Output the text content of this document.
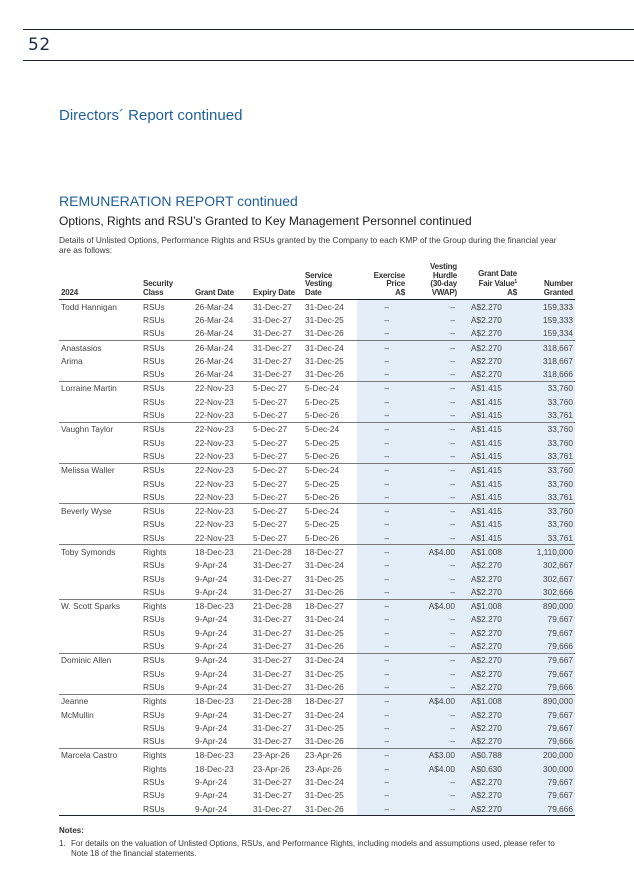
52
Directors´ Report continued
REMUNERATION REPORT continued
Options, Rights and RSU’s Granted to Key Management Personnel continued
Details of Unlisted Options, Performance Rights and RSUs granted by the Company to each KMP of the Group during the financial year are as follows:
2024	Security
Class	Grant Date	Expiry Date	Service
Vesting
Date	Exercise
Price
A$	Vesting
Hurdle
(30-day
VWAP)	Grant Date
Fair Value$^1$
A$	Number
Granted
Todd Hannigan	RSUs	26-Mar-24	31-Dec-27	31-Dec-24	–	–	A$2.270	159,333
	RSUs	26-Mar-24	31-Dec-27	31-Dec-25	–	–	A$2.270	159,333
	RSUs	26-Mar-24	31-Dec-27	31-Dec-26	–	–	A$2.270	159,334
Anastasios	RSUs	26-Mar-24	31-Dec-27	31-Dec-24	–	–	A$2.270	318,667
Arima	RSUs	26-Mar-24	31-Dec-27	31-Dec-25	–	–	A$2.270	318,667
	RSUs	26-Mar-24	31-Dec-27	31-Dec-26	–	–	A$2.270	318,666
Lorraine Martin	RSUs	22-Nov-23	5-Dec-27	5-Dec-24	–	–	A$1.415	33,760
	RSUs	22-Nov-23	5-Dec-27	5-Dec-25	–	–	A$1.415	33,760
	RSUs	22-Nov-23	5-Dec-27	5-Dec-26	–	–	A$1.415	33,761
Vaughn Taylor	RSUs	22-Nov-23	5-Dec-27	5-Dec-24	–	–	A$1.415	33,760
	RSUs	22-Nov-23	5-Dec-27	5-Dec-25	–	–	A$1.415	33,760
	RSUs	22-Nov-23	5-Dec-27	5-Dec-26	–	–	A$1.415	33,761
Melissa Waller	RSUs	22-Nov-23	5-Dec-27	5-Dec-24	–	–	A$1.415	33,760
	RSUs	22-Nov-23	5-Dec-27	5-Dec-25	–	–	A$1.415	33,760
	RSUs	22-Nov-23	5-Dec-27	5-Dec-26	–	–	A$1.415	33,761
Beverly Wyse	RSUs	22-Nov-23	5-Dec-27	5-Dec-24	–	–	A$1.415	33,760
	RSUs	22-Nov-23	5-Dec-27	5-Dec-25	–	–	A$1.415	33,760
	RSUs	22-Nov-23	5-Dec-27	5-Dec-26	–	–	A$1.415	33,761
Toby Symonds	Rights	18-Dec-23	21-Dec-28	18-Dec-27	–	A$4.00	A$1.008	1,110,000
	RSUs	9-Apr-24	31-Dec-27	31-Dec-24	–	–	A$2.270	302,667
	RSUs	9-Apr-24	31-Dec-27	31-Dec-25	–	–	A$2.270	302,667
	RSUs	9-Apr-24	31-Dec-27	31-Dec-26	–	–	A$2.270	302,666
W. Scott Sparks	Rights	18-Dec-23	21-Dec-28	18-Dec-27	–	A$4.00	A$1.008	890,000
	RSUs	9-Apr-24	31-Dec-27	31-Dec-24	–	–	A$2.270	79,667
	RSUs	9-Apr-24	31-Dec-27	31-Dec-25	–	–	A$2.270	79,667
	RSUs	9-Apr-24	31-Dec-27	31-Dec-26	–	–	A$2.270	79,666
Dominic Allen	RSUs	9-Apr-24	31-Dec-27	31-Dec-24	–	–	A$2.270	79,667
	RSUs	9-Apr-24	31-Dec-27	31-Dec-25	–	–	A$2.270	79,667
	RSUs	9-Apr-24	31-Dec-27	31-Dec-26	–	–	A$2.270	79,666
Jeanne	Rights	18-Dec-23	21-Dec-28	18-Dec-27	–	A$4.00	A$1.008	890,000
McMullin	RSUs	9-Apr-24	31-Dec-27	31-Dec-24	–	–	A$2.270	79,667
	RSUs	9-Apr-24	31-Dec-27	31-Dec-25	–	–	A$2.270	79,667
	RSUs	9-Apr-24	31-Dec-27	31-Dec-26	–	–	A$2.270	79,666
Marcela Castro	Rights	18-Dec-23	23-Apr-26	23-Apr-26	–	A$3.00	A$0.788	200,000
	Rights	18-Dec-23	23-Apr-26	23-Apr-26	–	A$4.00	A$0.630	300,000
	RSUs	9-Apr-24	31-Dec-27	31-Dec-24	–	–	A$2.270	79,667
	RSUs	9-Apr-24	31-Dec-27	31-Dec-25	–	–	A$2.270	79,667
	RSUs	9-Apr-24	31-Dec-27	31-Dec-26	–	–	A$2.270	79,666
Notes:
1. For details on the valuation of Unlisted Options, RSUs, and Performance Rights, including models and assumptions used, please refer to Note 18 of the financial statements.
